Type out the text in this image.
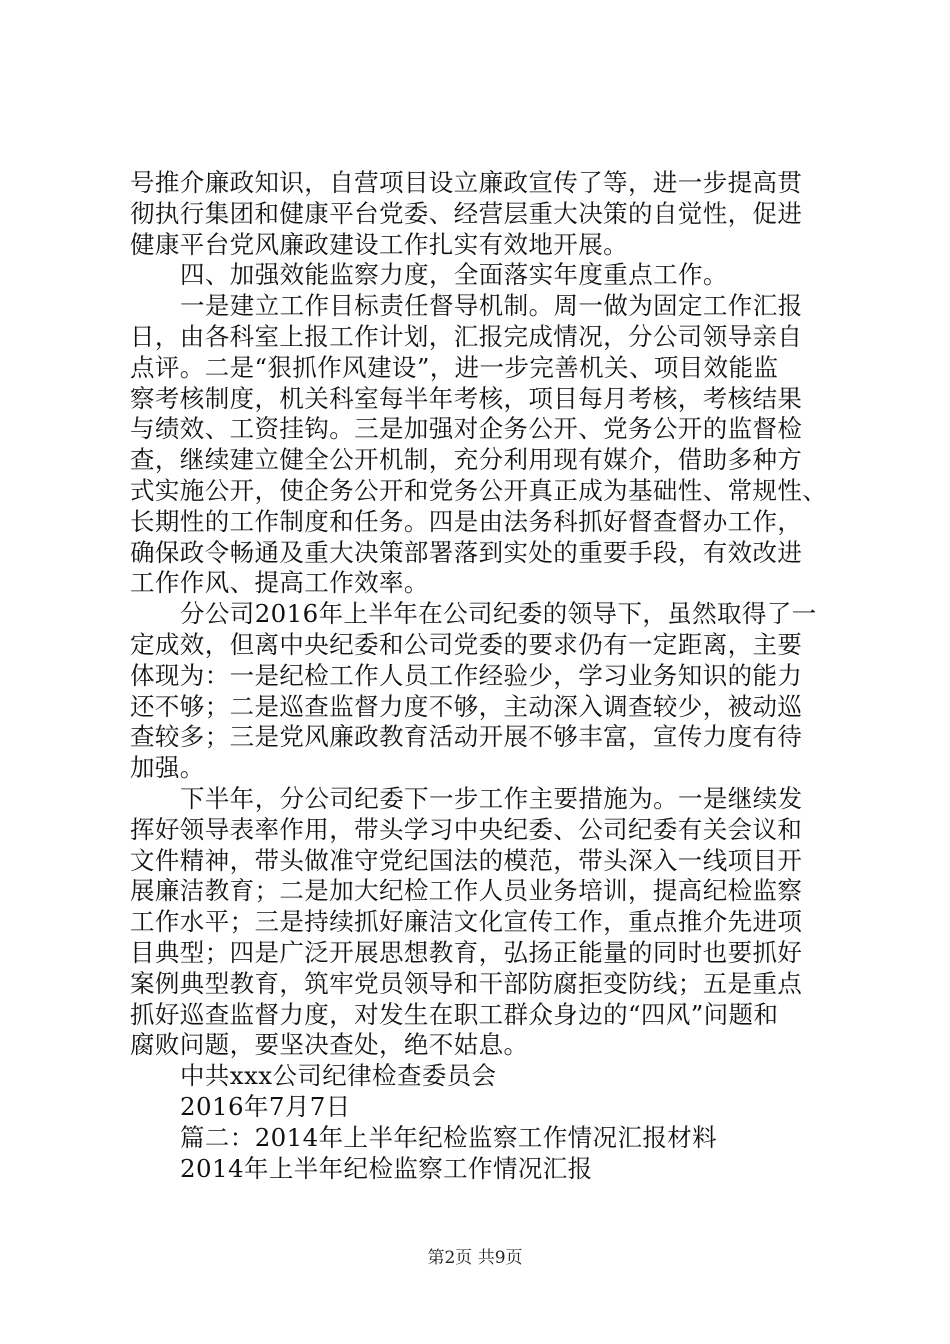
号推介廉政知识，自营项目设立廉政宣传了等，进一步提高贯
彻执行集团和健康平台党委、经营层重大决策的自觉性，促进
健康平台党风廉政建设工作扎实有效地开展。
四、加强效能监察力度，全面落实年度重点工作。
一是建立工作目标责任督导机制。周一做为固定工作汇报
日，由各科室上报工作计划，汇报完成情况，分公司领导亲自
点评。二是“狠抓作风建设”，进一步完善机关、项目效能监
察考核制度，机关科室每半年考核，项目每月考核，考核结果
与绩效、工资挂钩。三是加强对企务公开、党务公开的监督检
查，继续建立健全公开机制，充分利用现有媒介，借助多种方
式实施公开，使企务公开和党务公开真正成为基础性、常规性、
长期性的工作制度和任务。四是由法务科抓好督查督办工作，
确保政令畅通及重大决策部署落到实处的重要手段，有效改进
工作作风、提高工作效率。
分公司2016年上半年在公司纪委的领导下，虽然取得了一
定成效，但离中央纪委和公司党委的要求仍有一定距离，主要
体现为：一是纪检工作人员工作经验少，学习业务知识的能力
还不够；二是巡查监督力度不够，主动深入调查较少，被动巡
查较多；三是党风廉政教育活动开展不够丰富，宣传力度有待
加强。
下半年，分公司纪委下一步工作主要措施为。一是继续发
挥好领导表率作用，带头学习中央纪委、公司纪委有关会议和
文件精神，带头做准守党纪国法的模范，带头深入一线项目开
展廉洁教育；二是加大纪检工作人员业务培训，提高纪检监察
工作水平；三是持续抓好廉洁文化宣传工作，重点推介先进项
目典型；四是广泛开展思想教育，弘扬正能量的同时也要抓好
案例典型教育，筑牢党员领导和干部防腐拒变防线；五是重点
抓好巡查监督力度，对发生在职工群众身边的“四风”问题和
腐败问题，要坚决查处，绝不姑息。
中共xxx公司纪律检查委员会
2016年7月7日
篇二：2014年上半年纪检监察工作情况汇报材料
2014年上半年纪检监察工作情况汇报
第2页 共9页
